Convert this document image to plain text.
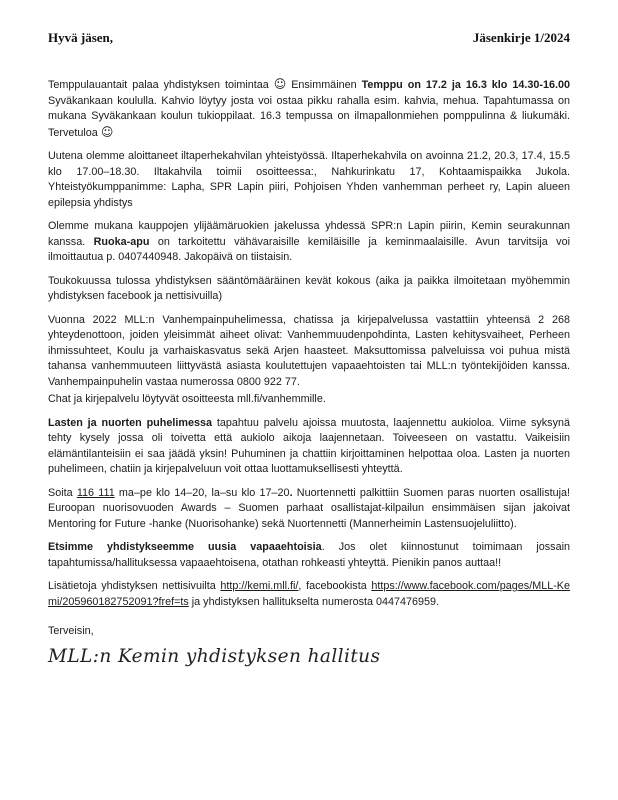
Hyvä jäsen,	Jäsenkirje 1/2024

Temppulauantait palaa yhdistyksen toimintaa ☺ Ensimmäinen Temppu on 17.2 ja 16.3 klo 14.30-16.00 Syväkankaan koululla. Kahvio löytyy josta voi ostaa pikku rahalla esim. kahvia, mehua. Tapahtumassa on mukana Syväkankaan koulun tukioppilaat. 16.3 tempussa on ilmapallonmiehen pomppulinna & liukumäki. Tervetuloa ☺

Uutena olemme aloittaneet iltaperhekahvilan yhteistyössä. Iltaperhekahvila on avoinna 21.2, 20.3, 17.4, 15.5 klo 17.00–18.30. Iltakahvila toimii osoitteessa:, Nahkurinkatu 17, Kohtaamispaikka Jukola. Yhteistyökumppanimme: Lapha, SPR Lapin piiri, Pohjoisen Yhden vanhemman perheet ry, Lapin alueen epilepsia yhdistys

Olemme mukana kauppojen ylijäämäruokien jakelussa yhdessä SPR:n Lapin piirin, Kemin seurakunnan kanssa. Ruoka-apu on tarkoitettu vähävaraisille kemiläisille ja keminmaalaisille. Avun tarvitsija voi ilmoittautua p. 0407440948. Jakopäivä on tiistaisin.

Toukokuussa tulossa yhdistyksen sääntömääräinen kevät kokous (aika ja paikka ilmoitetaan myöhemmin yhdistyksen facebook ja nettisivuilla)

Vuonna 2022 MLL:n Vanhempainpuhelimessa, chatissa ja kirjepalvelussa vastattiin yhteensä 2 268 yhteydenottoon, joiden yleisimmät aiheet olivat: Vanhemmuudenpohdinta, Lasten kehitysvaiheet, Perheen ihmissuhteet, Koulu ja varhaiskasvatus sekä Arjen haasteet. Maksuttomissa palveluissa voi puhua mistä tahansa vanhemmuuteen liittyvästä asiasta koulutettujen vapaaehtoisten tai MLL:n työntekijöiden kanssa. Vanhempainpuhelin vastaa numerossa 0800 922 77.

Chat ja kirjepalvelu löytyvät osoitteesta mll.fi/vanhemmille.

Lasten ja nuorten puhelimessa tapahtuu palvelu ajoissa muutosta, laajennettu aukioloa. Viime syksynä tehty kysely jossa oli toivetta että aukiolo aikoja laajennetaan. Toiveeseen on vastattu. Vaikeisiin elämäntilanteisiin ei saa jäädä yksin! Puhuminen ja chattiin kirjoittaminen helpottaa oloa. Lasten ja nuorten puhelimeen, chatiin ja kirjepalveluun voit ottaa luottamuksellisesti yhteyttä.

Soita 116 111 ma–pe klo 14–20, la–su klo 17–20. Nuortennetti palkittiin Suomen paras nuorten osallistuja! Euroopan nuorisovuoden Awards – Suomen parhaat osallistajat-kilpailun ensimmäisen sijan jakoivat Mentoring for Future -hanke (Nuorisohanke) sekä Nuortennetti (Mannerheimin Lastensuojeluliitto).

Etsimme yhdistykseemme uusia vapaaehtoisia. Jos olet kiinnostunut toimimaan jossain tapahtumissa/hallituksessa vapaaehtoisena, otathan rohkeasti yhteyttä. Pienikin panos auttaa!!

Lisätietoja yhdistyksen nettisivuilta http://kemi.mll.fi/, facebookista https://www.facebook.com/pages/MLL-Kemi/205960182752091?fref=ts ja yhdistyksen hallitukselta numerosta 0447476959.

Terveisin,
MLL:n Kemin yhdistyksen hallitus
